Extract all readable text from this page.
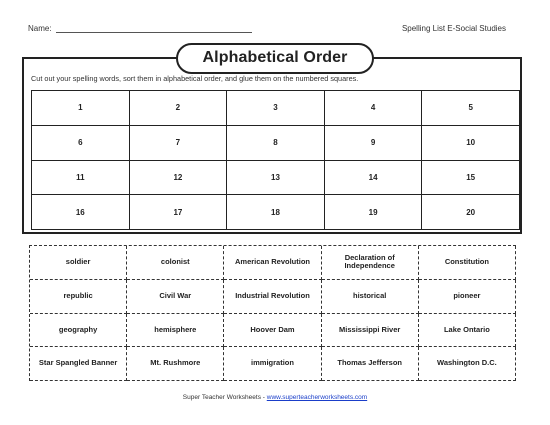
Name:	Spelling List E-Social Studies
Alphabetical Order
Cut out your spelling words, sort them in alphabetical order, and glue them on the numbered squares.
1	2	3	4	5
6	7	8	9	10
11	12	13	14	15
16	17	18	19	20
soldier	colonist	American Revolution	Declaration of Independence	Constitution
republic	Civil War	Industrial Revolution	historical	pioneer
geography	hemisphere	Hoover Dam	Mississippi River	Lake Ontario
Star Spangled Banner	Mt. Rushmore	immigration	Thomas Jefferson	Washington D.C.
Super Teacher Worksheets - www.superteacherworksheets.com
